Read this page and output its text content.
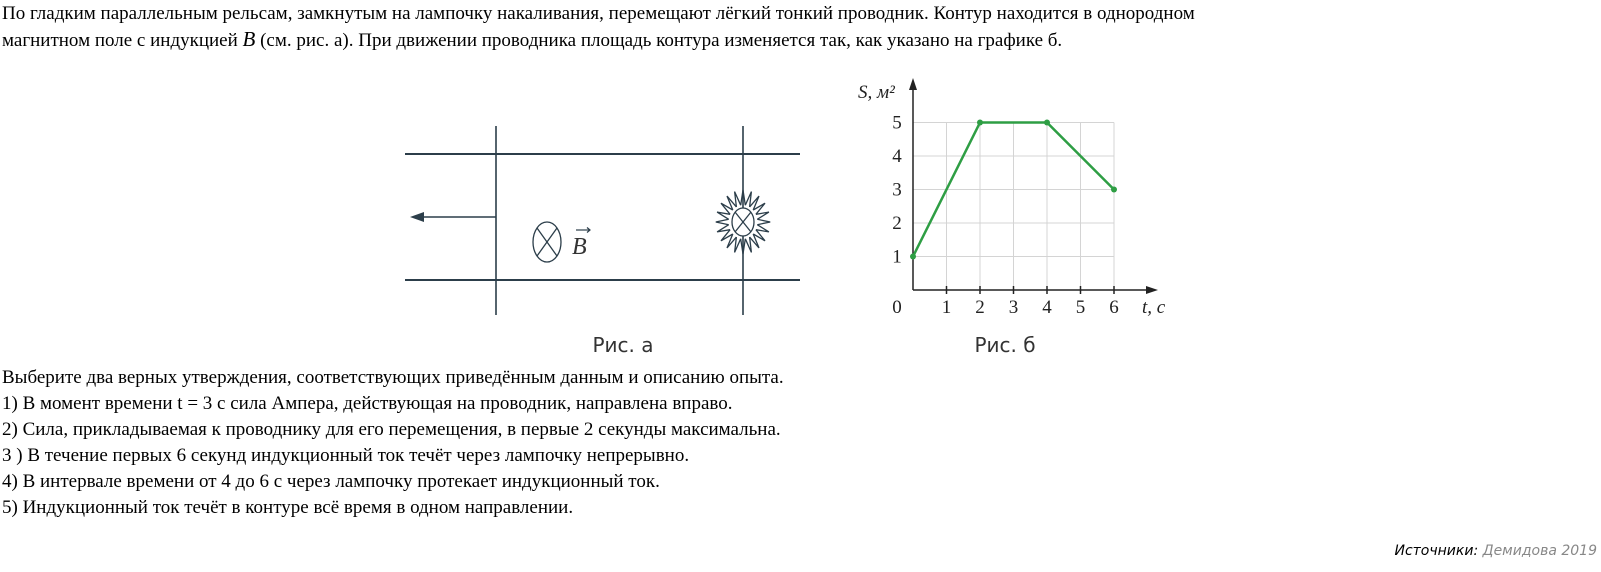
По гладким параллельным рельсам, замкнутым на лампочку накаливания, перемещают лёгкий тонкий проводник. Контур находится в однородном
магнитном поле с индукцией B (см. рис. а). При движении проводника площадь контура изменяется так, как указано на графике б.
B
Рис. а
0 1 2 3 4 5 6
1
2
3
4
5
S, м²
t, с
Рис. б
Выберите два верных утверждения, соответствующих приведённым данным и описанию опыта.
1) В момент времени t = 3 с сила Ампера, действующая на проводник, направлена вправо.
2) Сила, прикладываемая к проводнику для его перемещения, в первые 2 секунды максимальна.
3 ) В течение первых 6 секунд индукционный ток течёт через лампочку непрерывно.
4) В интервале времени от 4 до 6 с через лампочку протекает индукционный ток.
5) Индукционный ток течёт в контуре всё время в одном направлении.
Источники: Демидова 2019
